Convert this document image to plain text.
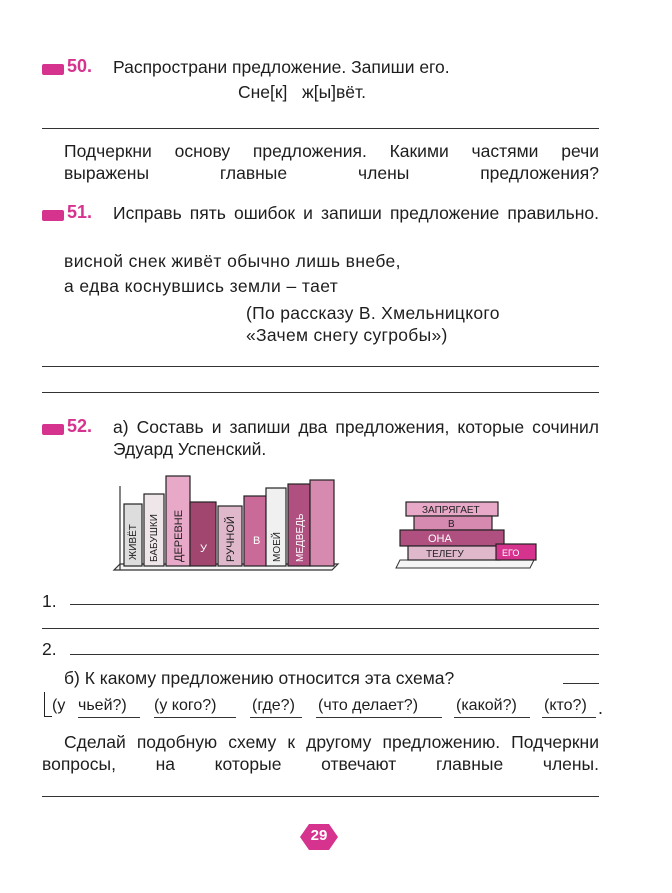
50. Распространи предложение. Запиши его.
Сне[к]   ж[ы]вёт.
Подчеркни основу предложения. Какими частями речи выражены главные члены предложения?
51. Исправь пять ошибок и запиши предложение правильно.
висной снек живёт обычно лишь внебе,
а едва коснувшись земли – тает
(По рассказу В. Хмельницкого
«Зачем снегу сугробы»)
52. а) Составь и запиши два предложения, которые сочинил Эдуард Успенский.
ЖИВЁТ БАБУШКИ ДЕРЕВНЕ У РУЧНОЙ В МОЕЙ МЕДВЕДЬ
ЗАПРЯГАЕТ
В
ОНА
ТЕЛЕГУ	ЕГО
1.
2.
б) К какому предложению относится эта схема?
(у чьей?) (у кого?) (где?) (что делает?) (какой?) (кто?) .
Сделай подобную схему к другому предложению. Подчеркни вопросы, на которые отвечают главные члены.
29
